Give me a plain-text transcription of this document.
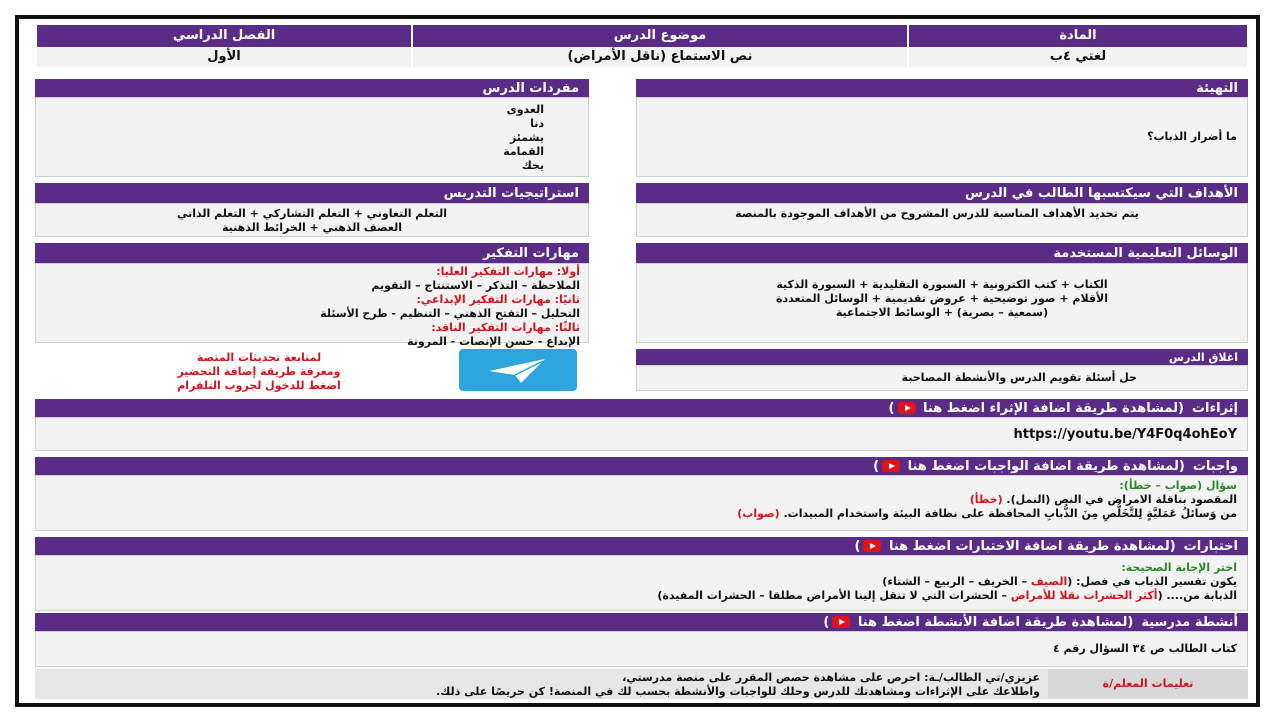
المادة
لغتي ٤ب
موضوع الدرس
نص الاستماع (ناقل الأمراض)
الفصل الدراسي
الأول
التهيئة
ما أضرار الذباب؟
مفردات الدرس
العدوى
دنا
يشمئز
القمامة
يحك
الأهداف التي سيكتسبها الطالب في الدرس
يتم تحديد الأهداف المناسبة للدرس المشروح من الأهداف الموجودة بالمنصة
استراتيجيات التدريس
التعلم التعاوني + التعلم التشاركي + التعلم الذاتي
العصف الذهني + الخرائط الذهنية
الوسائل التعليمية المستخدمة
الكتاب + كتب الكترونية + السبورة التقليدية + السبورة الذكية
الأقلام + صور توضيحية + عروض تقديمية + الوسائل المتعددة
(سمعية – بصرية) + الوسائط الاجتماعية
مهارات التفكير
أولا: مهارات التفكير العليا:
الملاحظة – التذكر – الاستنتاج – التقويم
ثانيًا: مهارات التفكير الإبداعي:
التحليل – التفتح الذهني – التنظيم - طرح الأسئلة
ثالثًا: مهارات التفكير الناقد:
الإبداع - حسن الإنصات - المرونة
لمتابعة تحديثات المنصة
ومعرفة طريقة إضافة التحضير
اضغط للدخول لجروب التلقرام
اغلاق الدرس
حل أسئلة تقويم الدرس والأنشطة المصاحبة
إثراءات
(لمشاهدة طريقة اضافة الإثراء اضغط هنا )
https://youtu.be/Y4F0q4ohEoY
واجبات
(لمشاهدة طريقة اضافة الواجبات اضغط هنا )
سؤال (صواب – خطأ):
المقصود بناقلة الامراض في النص (النمل). (خطأ)
من وَسائلُ عَمَليَّةٍ لِلتَّخَلُّصِ مِنَ الذُّبابِ المحافظة على نظافة البيئة واستخدام المبيدات. (صواب)
اختبارات
(لمشاهدة طريقة اضافة الاختبارات اضغط هنا )
اختر الإجابة الصحيحة:
يكون تفسير الذباب في فصل: (الصيف – الخريف – الربيع – الشتاء)
الذبابة من.... (أكثر الحشرات نقلا للأمراض – الحشرات التي لا تنقل إلينا الأمراض مطلقا – الحشرات المفيدة)
أنشطة مدرسية
(لمشاهدة طريقة اضافة الأنشطة اضغط هنا )
كتاب الطالب ص ٣٤ السؤال رقم ٤
تعليمات المعلم/ة
عزيزي/تي الطالب/ـة: احرص على مشاهدة حصص المقرر على منصة مدرستي،
واطلاعك على الإثراءات ومشاهدتك للدرس وحلك للواجبات والأنشطة بحسب لك في المنصة! كن حريصًا على ذلك.
